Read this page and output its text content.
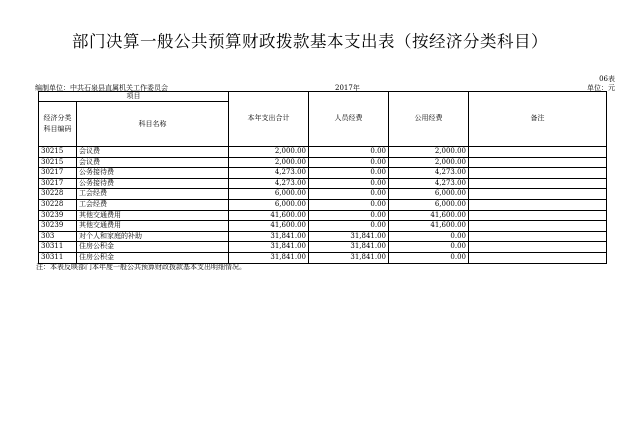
部门决算一般公共预算财政拨款基本支出表（按经济分类科目）
06表
编制单位：中共石泉县直属机关工作委员会	2017年	单位：元
项目		本年支出合计	人员经费	公用经费	备注
经济分类科目编码	科目名称				
30215	会议费	2,000.00	0.00	2,000.00	
30215	会议费	2,000.00	0.00	2,000.00	
30217	公务接待费	4,273.00	0.00	4,273.00	
30217	公务接待费	4,273.00	0.00	4,273.00	
30228	工会经费	6,000.00	0.00	6,000.00	
30228	工会经费	6,000.00	0.00	6,000.00	
30239	其他交通费用	41,600.00	0.00	41,600.00	
30239	其他交通费用	41,600.00	0.00	41,600.00	
303	对个人和家庭的补助	31,841.00	31,841.00	0.00	
30311	住房公积金	31,841.00	31,841.00	0.00	
30311	住房公积金	31,841.00	31,841.00	0.00	
注：本表反映部门本年度一般公共预算财政拨款基本支出明细情况。
